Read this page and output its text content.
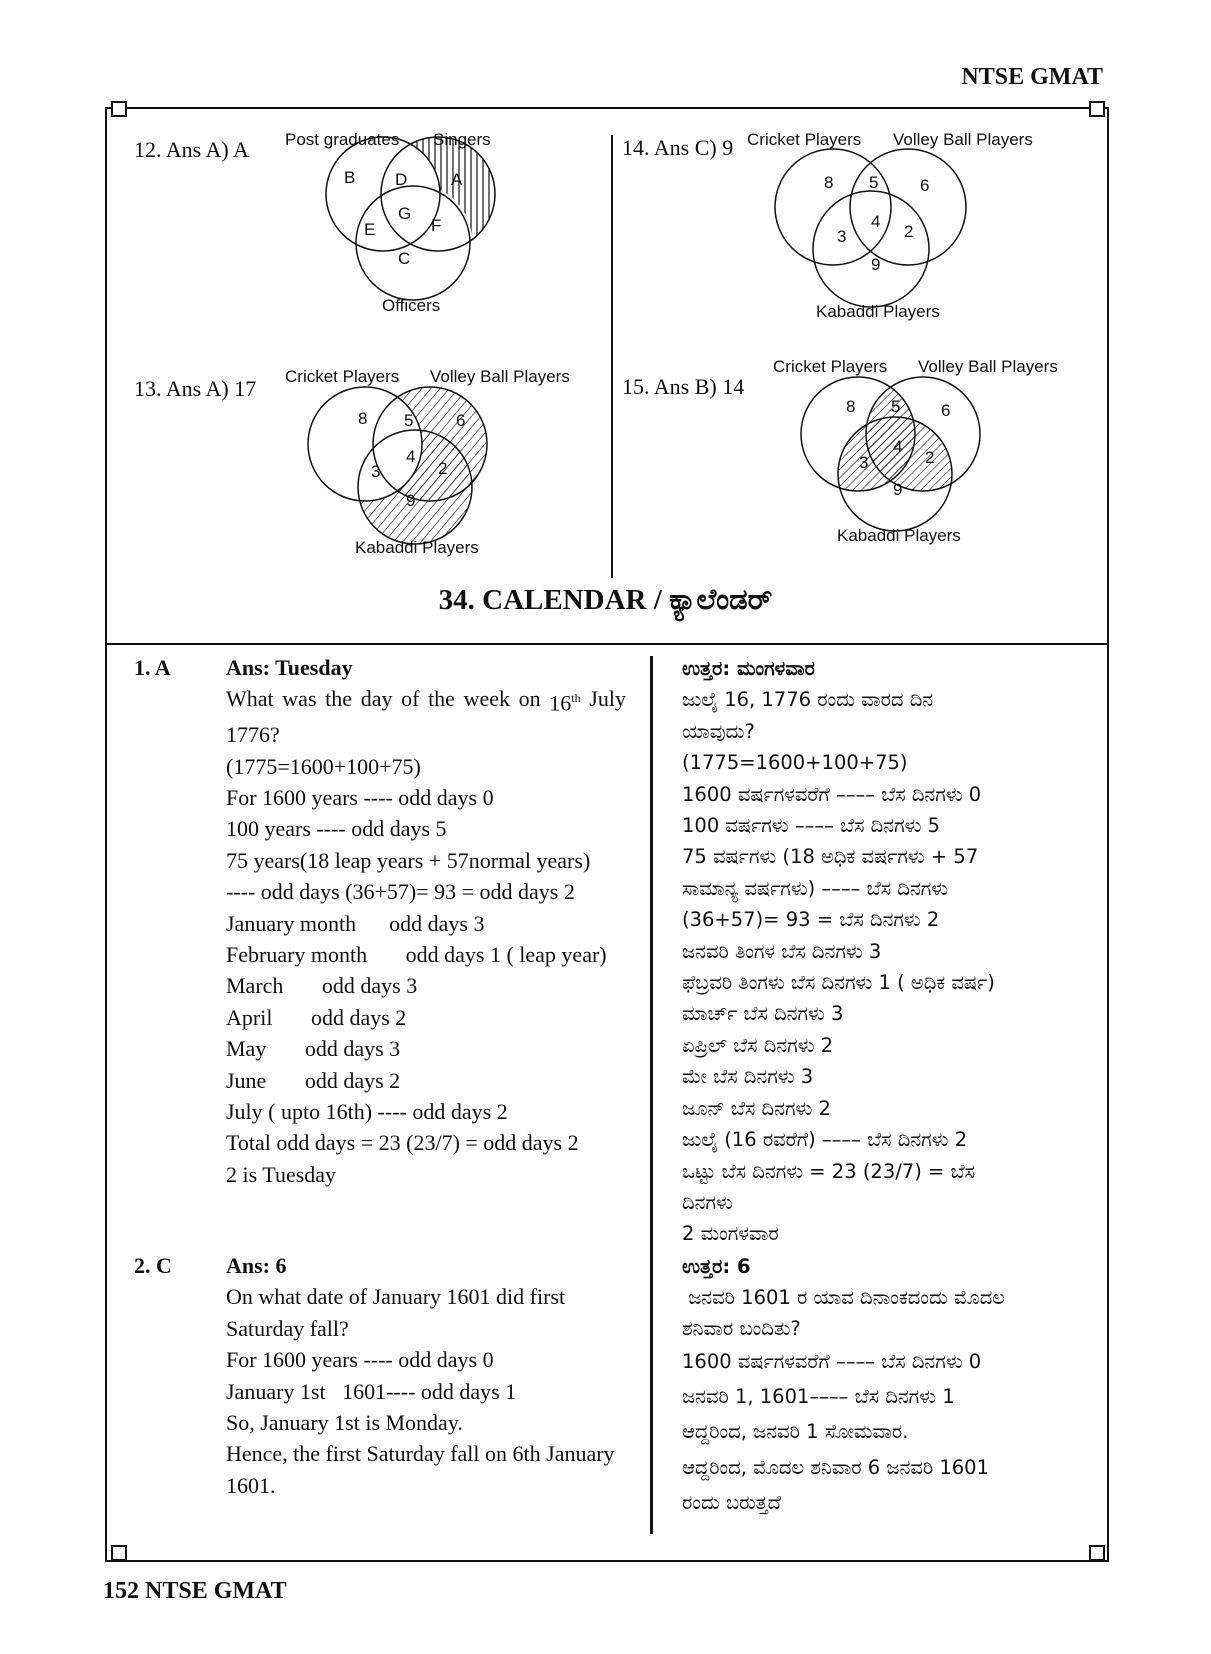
NTSE GMAT
12. Ans A) A
13. Ans A) 17
14. Ans C) 9
15. Ans B) 14
Post graduates Singers
Officers
B D	A
G
E	F
C
Cricket Players Volley Ball Players
Kabaddi Players
8 5 6
4
3	2
9
Cricket Players Volley Ball Players
Kabaddi Players
8 5	6
4
3	2
9
Cricket Players Volley Ball Players
Kabaddi Players
8 5 6
4
3	2
9
34. CALENDAR / ಕ್ಯಾಲೆಂಡರ್
1. A	Ans: Tuesday
What was the day of the week on 16th July
1776?
(1775=1600+100+75)
For 1600 years ---- odd days 0
100 years ---- odd days 5
75 years(18 leap years + 57normal years)
---- odd days (36+57)= 93 = odd days 2
January month      odd days 3
February month       odd days 1 ( leap year)
March       odd days 3
April       odd days 2
May       odd days 3
June       odd days 2
July ( upto 16th) ---- odd days 2
Total odd days = 23 (23/7) = odd days 2
2 is Tuesday
ಉತ್ತರ: ಮಂಗಳವಾರ
ಜುಲೈ 16, 1776 ರಂದು ವಾರದ ದಿನ
ಯಾವುದು?
(1775=1600+100+75)
1600 ವರ್ಷಗಳವರೆಗೆ –––– ಬೆಸ ದಿನಗಳು 0
100 ವರ್ಷಗಳು –––– ಬೆಸ ದಿನಗಳು 5
75 ವರ್ಷಗಳು (18 ಅಧಿಕ ವರ್ಷಗಳು + 57
ಸಾಮಾನ್ಯ ವರ್ಷಗಳು) –––– ಬೆಸ ದಿನಗಳು
(36+57)= 93 = ಬೆಸ ದಿನಗಳು 2
ಜನವರಿ ತಿಂಗಳ ಬೆಸ ದಿನಗಳು 3
ಫೆಬ್ರವರಿ ತಿಂಗಳು ಬೆಸ ದಿನಗಳು 1 ( ಅಧಿಕ ವರ್ಷ)
ಮಾರ್ಚ್ ಬೆಸ ದಿನಗಳು 3
ಏಪ್ರಿಲ್ ಬೆಸ ದಿನಗಳು 2
ಮೇ ಬೆಸ ದಿನಗಳು 3
ಜೂನ್ ಬೆಸ ದಿನಗಳು 2
ಜುಲೈ (16 ರವರೆಗೆ) –––– ಬೆಸ ದಿನಗಳು 2
ಒಟ್ಟು ಬೆಸ ದಿನಗಳು = 23 (23/7) = ಬೆಸ
ದಿನಗಳು
2 ಮಂಗಳವಾರ
2. C Ans: 6
On what date of January 1601 did first
Saturday fall?
For 1600 years ---- odd days 0
January 1st   1601---- odd days 1
So, January 1st is Monday.
Hence, the first Saturday fall on 6th January
1601.
ಉತ್ತರ: 6
ಜನವರಿ 1601 ರ ಯಾವ ದಿನಾಂಕದಂದು ಮೊದಲ
ಶನಿವಾರ ಬಂದಿತು?
1600 ವರ್ಷಗಳವರೆಗೆ –––– ಬೆಸ ದಿನಗಳು 0
ಜನವರಿ 1, 1601–––– ಬೆಸ ದಿನಗಳು 1
ಆದ್ದರಿಂದ, ಜನವರಿ 1 ಸೋಮವಾರ.
ಆದ್ದರಿಂದ, ಮೊದಲ ಶನಿವಾರ 6 ಜನವರಿ 1601
ರಂದು ಬರುತ್ತದೆ
152 NTSE GMAT
